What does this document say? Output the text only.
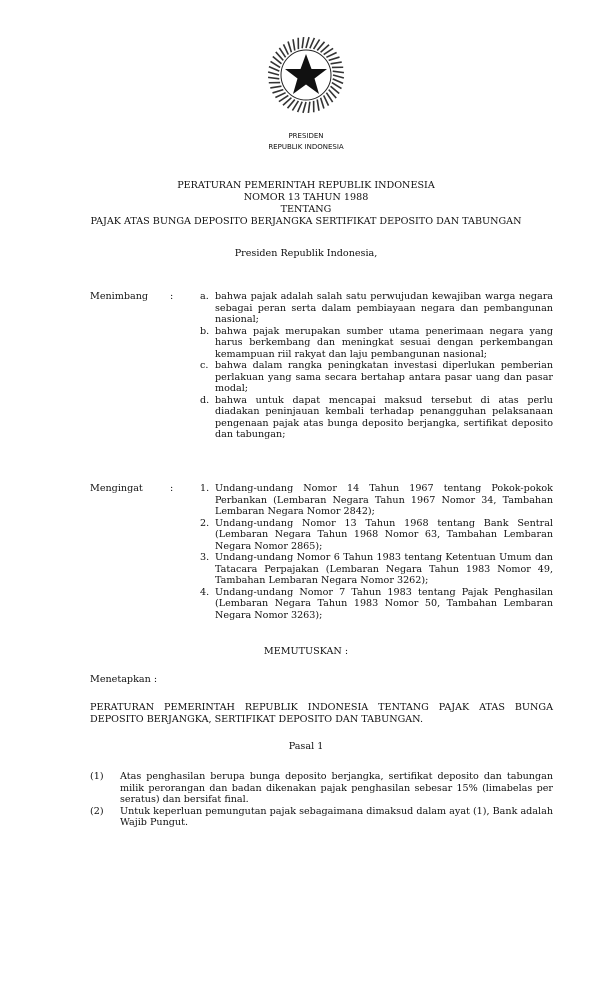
PRESIDEN
REPUBLIK INDONESIA
PERATURAN PEMERINTAH REPUBLIK INDONESIA
NOMOR 13 TAHUN 1988
TENTANG
PAJAK ATAS BUNGA DEPOSITO BERJANGKA SERTIFIKAT DEPOSITO DAN TABUNGAN
Presiden Republik Indonesia,
Menimbang :	a. bahwa pajak adalah salah satu perwujudan kewajiban warga negara sebagai peran serta dalam pembiayaan negara dan pembangunan nasional;
b. bahwa pajak merupakan sumber utama penerimaan negara yang harus berkembang dan meningkat sesuai dengan perkembangan kemampuan riil rakyat dan laju pembangunan nasional;
c. bahwa dalam rangka peningkatan investasi diperlukan pemberian perlakuan yang sama secara bertahap antara pasar uang dan pasar modal;
d. bahwa untuk dapat mencapai maksud tersebut di atas perlu diadakan peninjauan kembali terhadap penangguhan pelaksanaan pengenaan pajak atas bunga deposito berjangka, sertifikat deposito dan tabungan;
Mengingat	:	1. Undang-undang Nomor 14 Tahun 1967 tentang Pokok-pokok Perbankan (Lembaran Negara Tahun 1967 Nomor 34, Tambahan Lembaran Negara Nomor 2842);
2. Undang-undang Nomor 13 Tahun 1968 tentang Bank Sentral (Lembaran Negara Tahun 1968 Nomor 63, Tambahan Lembaran Negara Nomor 2865);
3. Undang-undang Nomor 6 Tahun 1983 tentang Ketentuan Umum dan Tatacara Perpajakan (Lembaran Negara Tahun 1983 Nomor 49, Tambahan Lembaran Negara Nomor 3262);
4. Undang-undang Nomor 7 Tahun 1983 tentang Pajak Penghasilan (Lembaran Negara Tahun 1983 Nomor 50, Tambahan Lembaran Negara Nomor 3263);
MEMUTUSKAN :
Menetapkan :
PERATURAN PEMERINTAH REPUBLIK INDONESIA TENTANG PAJAK ATAS BUNGA DEPOSITO BERJANGKA, SERTIFIKAT DEPOSITO DAN TABUNGAN.
Pasal 1
(1)	Atas penghasilan berupa bunga deposito berjangka, sertifikat deposito dan tabungan milik perorangan dan badan dikenakan pajak penghasilan sebesar 15% (limabelas per seratus) dan bersifat final.
(2)	Untuk keperluan pemungutan pajak sebagaimana dimaksud dalam ayat (1), Bank adalah Wajib Pungut.
